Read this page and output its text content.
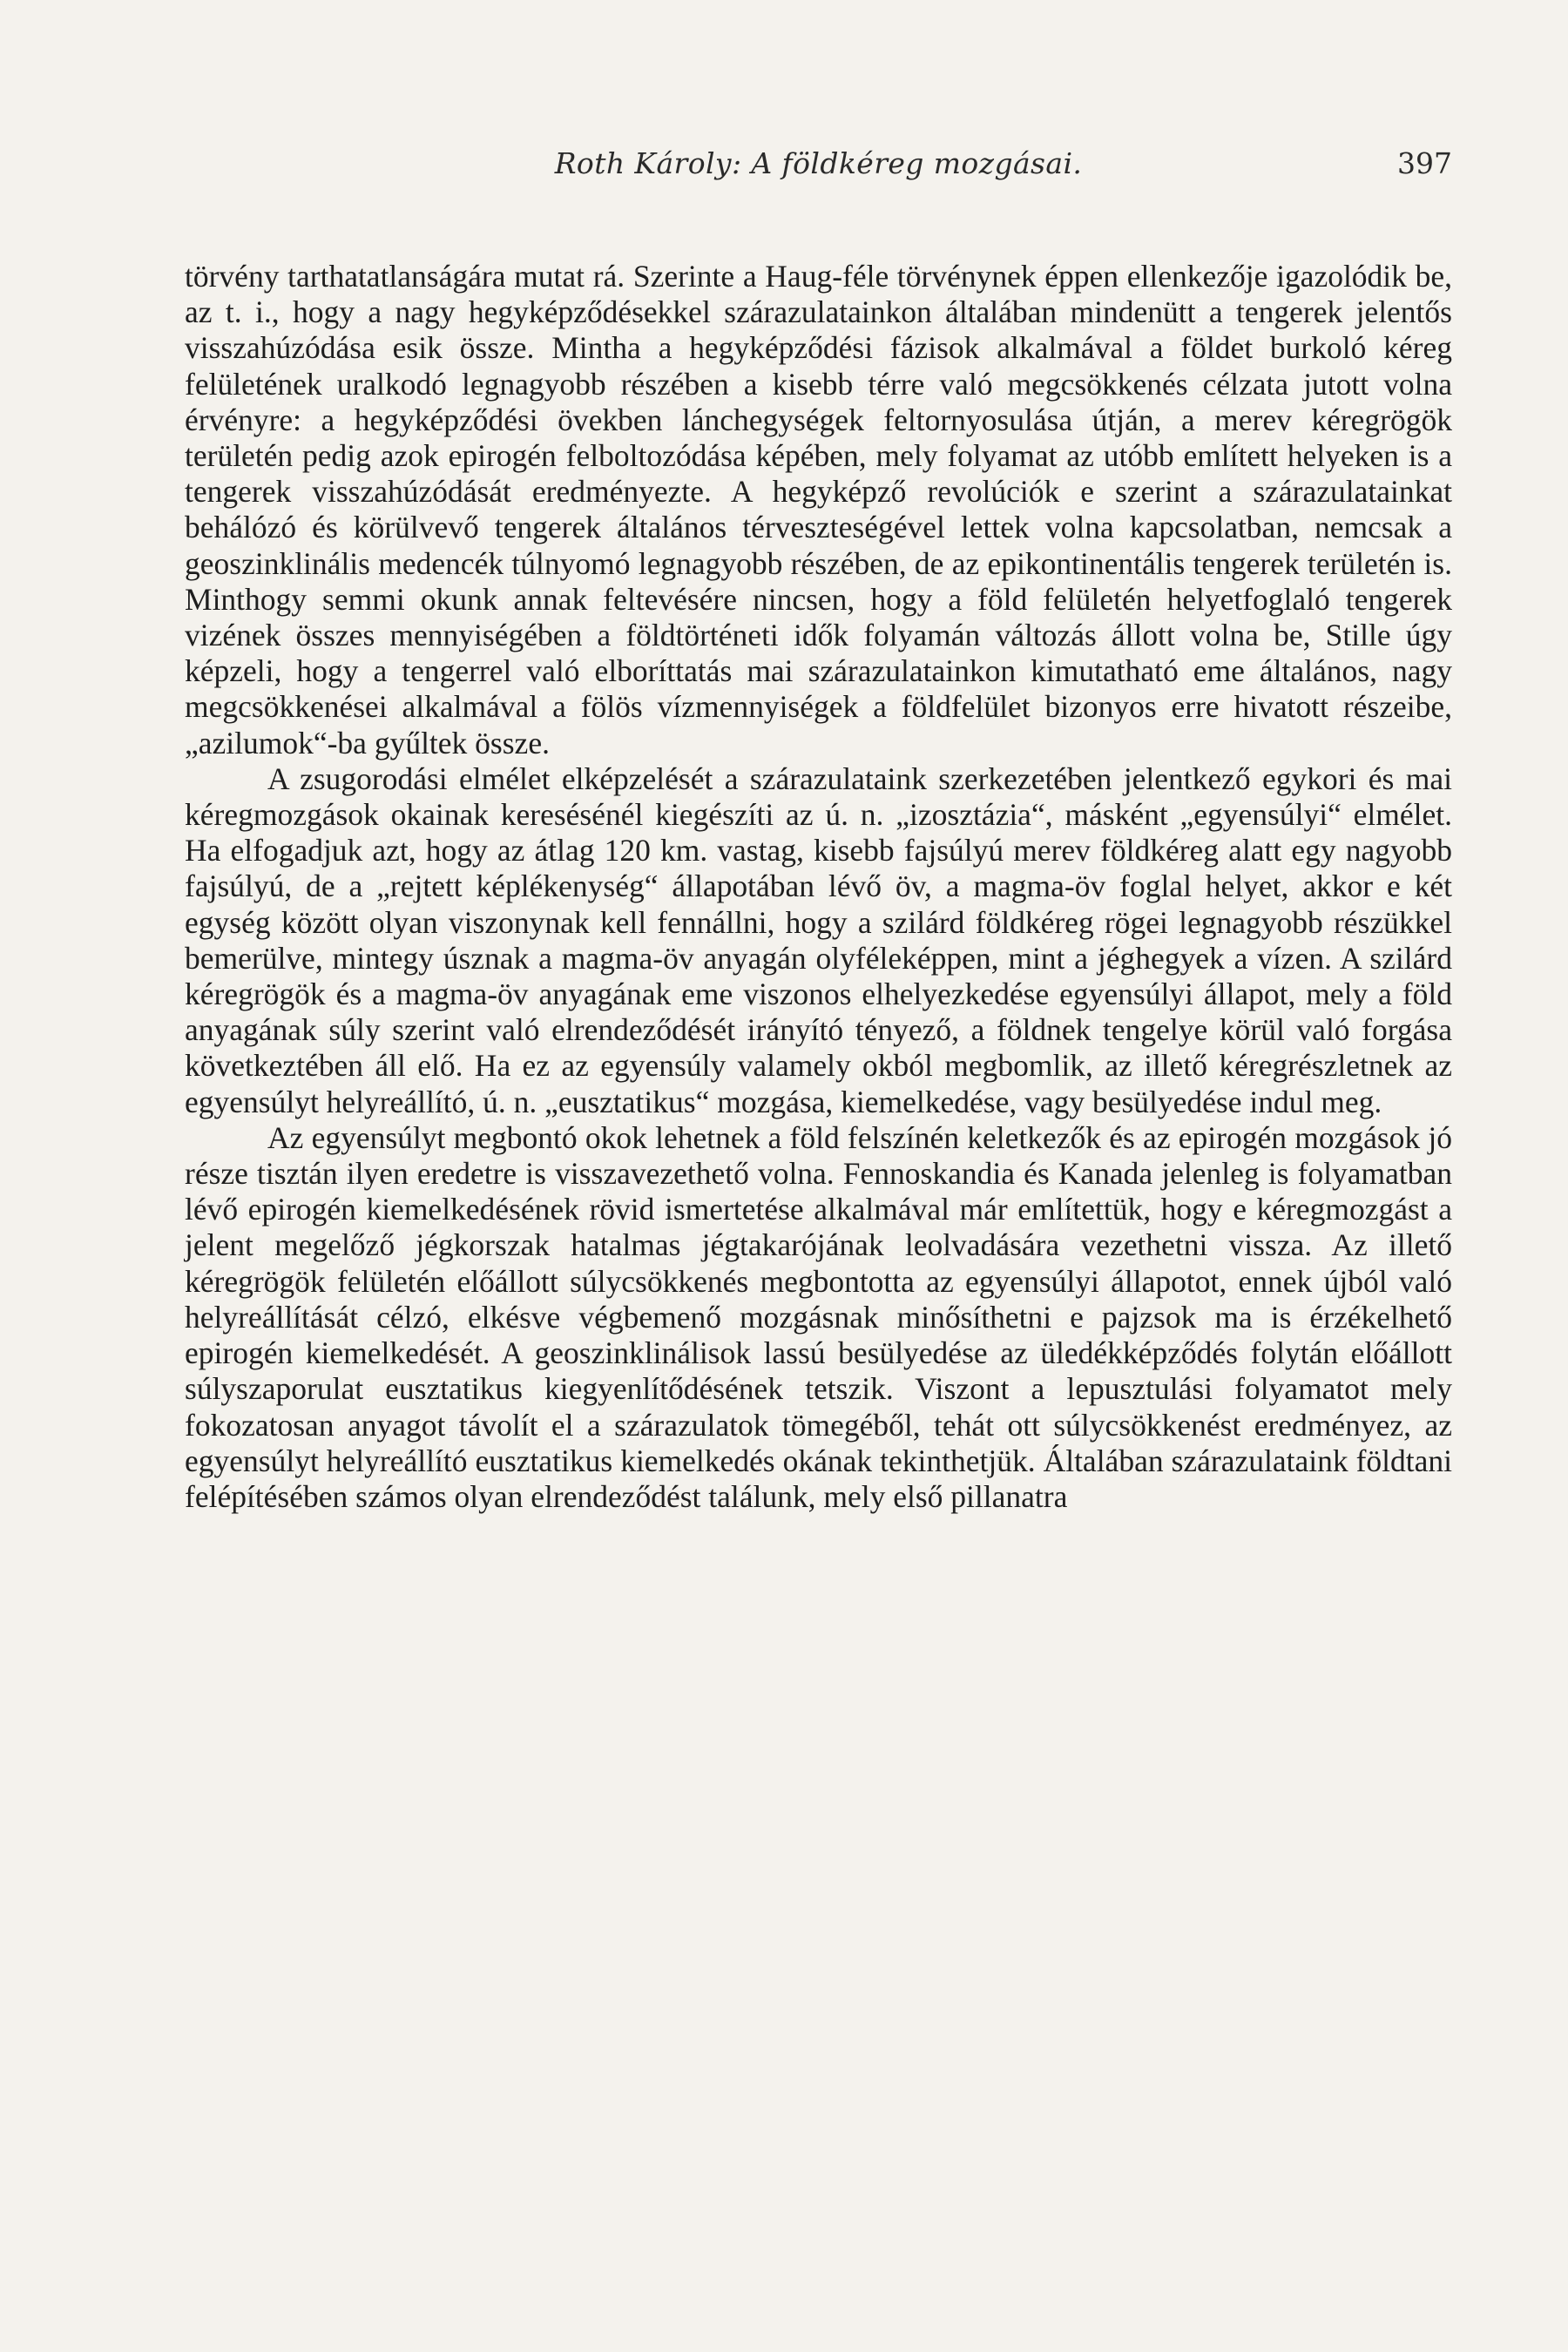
Roth Károly: A földkéreg mozgásai.	397

törvény tarthatatlanságára mutat rá. Szerinte a Haug-féle törvénynek éppen ellenkezője igazolódik be, az t. i., hogy a nagy hegyképződésekkel szárazulatainkon általában mindenütt a tengerek jelentős visszahúzódása esik össze. Mintha a hegyképződési fázisok alkalmával a földet burkoló kéreg felületének uralkodó legnagyobb részében a kisebb térre való megcsökkenés célzata jutott volna érvényre: a hegyképződési övekben lánchegységek feltornyosulása útján, a merev kéregrögök területén pedig azok epirogén felboltozódása képében, mely folyamat az utóbb említett helyeken is a tengerek visszahúzódását eredményezte. A hegyképző revolúciók e szerint a szárazulatainkat behálózó és körülvevő tengerek általános térveszteségével lettek volna kapcsolatban, nemcsak a geoszinklinális medencék túlnyomó legnagyobb részében, de az epikontinentális tengerek területén is. Minthogy semmi okunk annak feltevésére nincsen, hogy a föld felületén helyetfoglaló tengerek vizének összes mennyiségében a földtörténeti idők folyamán változás állott volna be, Stille úgy képzeli, hogy a tengerrel való elboríttatás mai szárazulatainkon kimutatható eme általános, nagy megcsökkenései alkalmával a fölös vízmennyiségek a földfelület bizonyos erre hivatott részeibe, „azilumok“-ba gyűltek össze.

A zsugorodási elmélet elképzelését a szárazulataink szerkezetében jelentkező egykori és mai kéregmozgások okainak keresésénél kiegészíti az ú. n. „izosztázia“, másként „egyensúlyi“ elmélet. Ha elfogadjuk azt, hogy az átlag 120 km. vastag, kisebb fajsúlyú merev földkéreg alatt egy nagyobb fajsúlyú, de a „rejtett képlékenység“ állapotában lévő öv, a magma-öv foglal helyet, akkor e két egység között olyan viszonynak kell fennállni, hogy a szilárd földkéreg rögei legnagyobb részükkel bemerülve, mintegy úsznak a magma-öv anyagán olyféleképpen, mint a jéghegyek a vízen. A szilárd kéregrögök és a magma-öv anyagának eme viszonos elhelyezkedése egyensúlyi állapot, mely a föld anyagának súly szerint való elrendeződését irányító tényező, a földnek tengelye körül való forgása következtében áll elő. Ha ez az egyensúly valamely okból megbomlik, az illető kéregrészletnek az egyensúlyt helyreállító, ú. n. „eusztatikus“ mozgása, kiemelkedése, vagy besülyedése indul meg.

Az egyensúlyt megbontó okok lehetnek a föld felszínén keletkezők és az epirogén mozgások jó része tisztán ilyen eredetre is visszavezethető volna. Fennoskandia és Kanada jelenleg is folyamatban lévő epirogén kiemelkedésének rövid ismertetése alkalmával már említettük, hogy e kéregmozgást a jelent megelőző jégkorszak hatalmas jégtakarójának leolvadására vezethetni vissza. Az illető kéregrögök felületén előállott súlycsökkenés megbontotta az egyensúlyi állapotot, ennek újból való helyreállítását célzó, elkésve végbemenő mozgásnak minősíthetni e pajzsok ma is érzékelhető epirogén kiemelkedését. A geoszinklinálisok lassú besülyedése az üledékképződés folytán előállott súlyszaporulat eusztatikus kiegyenlítődésének tetszik. Viszont a lepusztulási folyamatot mely fokozatosan anyagot távolít el a szárazulatok tömegéből, tehát ott súlycsökkenést eredményez, az egyensúlyt helyreállító eusztatikus kiemelkedés okának tekinthetjük. Általában szárazulataink földtani felépítésében számos olyan elrendeződést találunk, mely első pillanatra
